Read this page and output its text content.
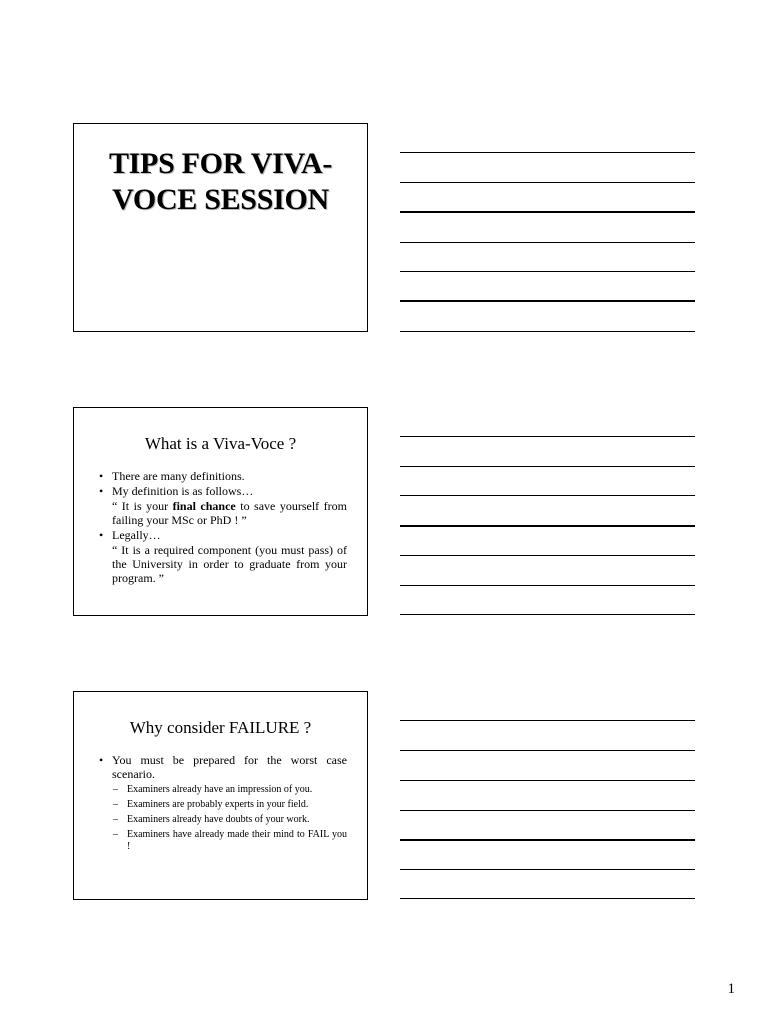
TIPS FOR VIVA-
VOCE SESSION
What is a Viva-Voce ?
• There are many definitions.
• My definition is as follows…
“ It is your final chance to save yourself from failing your MSc or PhD ! ”
• Legally…
“ It is a required component (you must pass) of the University in order to graduate from your program. ”
Why consider FAILURE ?
• You must be prepared for the worst case scenario.
– Examiners already have an impression of you.
– Examiners are probably experts in your field.
– Examiners already have doubts of your work.
– Examiners have already made their mind to FAIL you !
1
